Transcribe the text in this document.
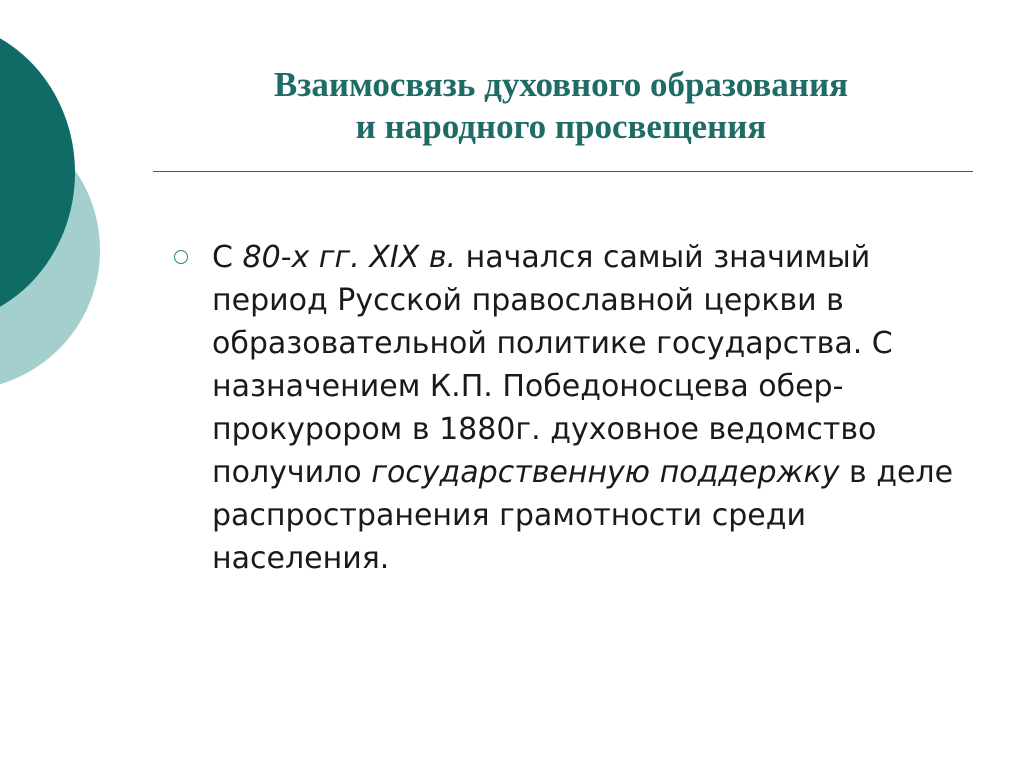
Взаимосвязь духовного образования
и народного просвещения

С 80-х гг. XIX в. начался самый значимый период Русской православной церкви в образовательной политике государства. С назначением К.П. Победоносцева обер-прокурором в 1880г. духовное ведомство получило государственную поддержку в деле распространения грамотности среди населения.
